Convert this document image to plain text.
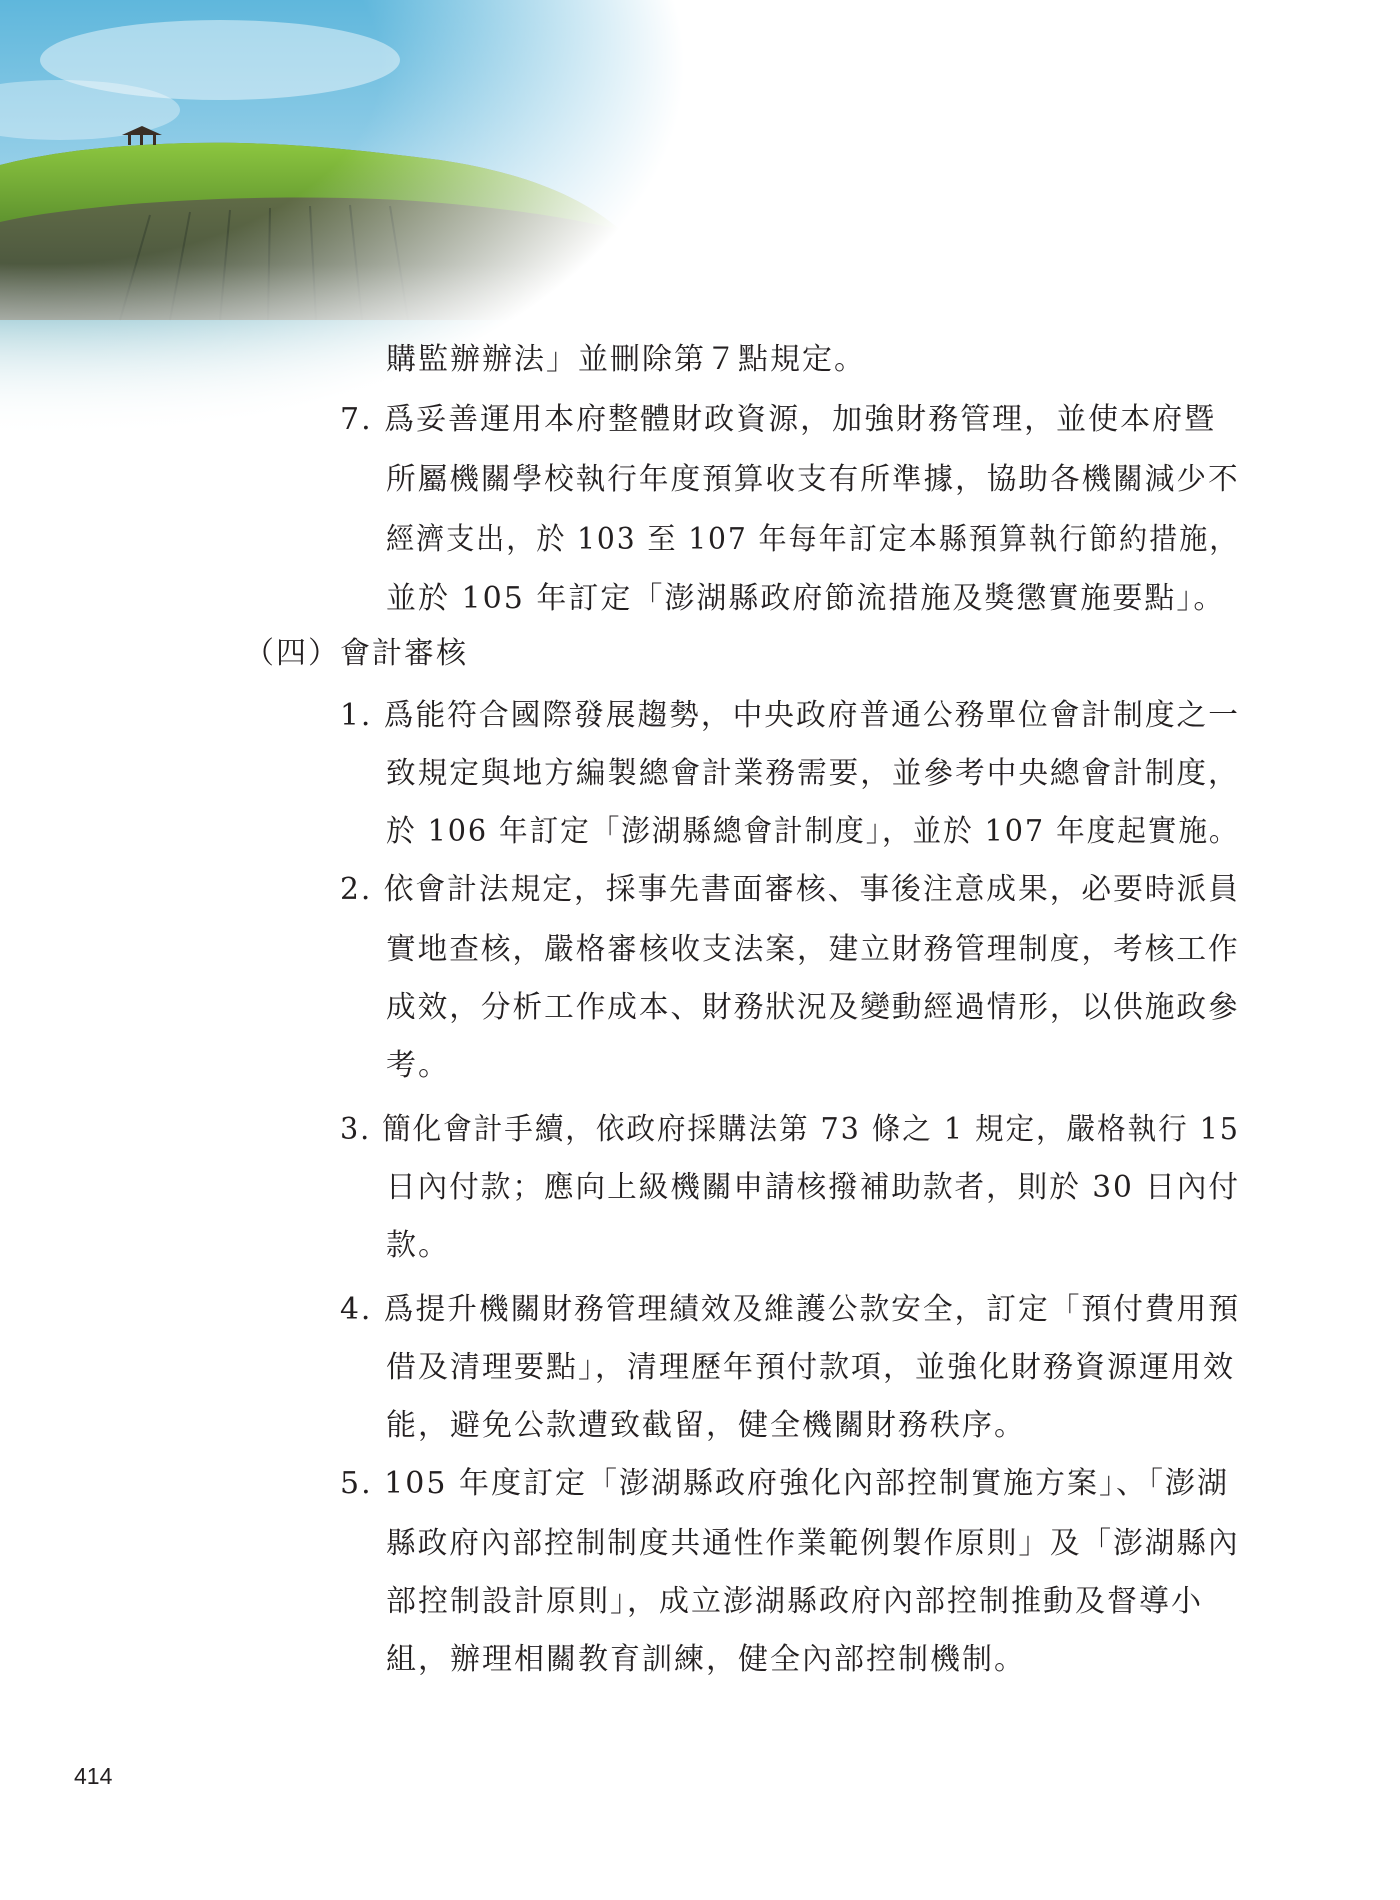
購監辦辦法」並刪除第７點規定。
7. 爲妥善運用本府整體財政資源，加強財務管理，並使本府暨
所屬機關學校執行年度預算收支有所準據，協助各機關減少不
經濟支出，於 103 至 107 年每年訂定本縣預算執行節約措施，
並於 105 年訂定「澎湖縣政府節流措施及獎懲實施要點」。
（四）會計審核
1. 爲能符合國際發展趨勢，中央政府普通公務單位會計制度之一
致規定與地方編製總會計業務需要，並參考中央總會計制度，
於 106 年訂定「澎湖縣總會計制度」，並於 107 年度起實施。
2. 依會計法規定，採事先書面審核、事後注意成果，必要時派員
實地查核，嚴格審核收支法案，建立財務管理制度，考核工作
成效，分析工作成本、財務狀況及變動經過情形，以供施政參
考。
3. 簡化會計手續，依政府採購法第 73 條之 1 規定，嚴格執行 15
日內付款；應向上級機關申請核撥補助款者，則於 30 日內付
款。
4. 爲提升機關財務管理績效及維護公款安全，訂定「預付費用預
借及清理要點」，清理歷年預付款項，並強化財務資源運用效
能，避免公款遭致截留，健全機關財務秩序。
5. 105 年度訂定「澎湖縣政府強化內部控制實施方案」、「澎湖
縣政府內部控制制度共通性作業範例製作原則」及「澎湖縣內
部控制設計原則」，成立澎湖縣政府內部控制推動及督導小
組，辦理相關教育訓練，健全內部控制機制。
414
